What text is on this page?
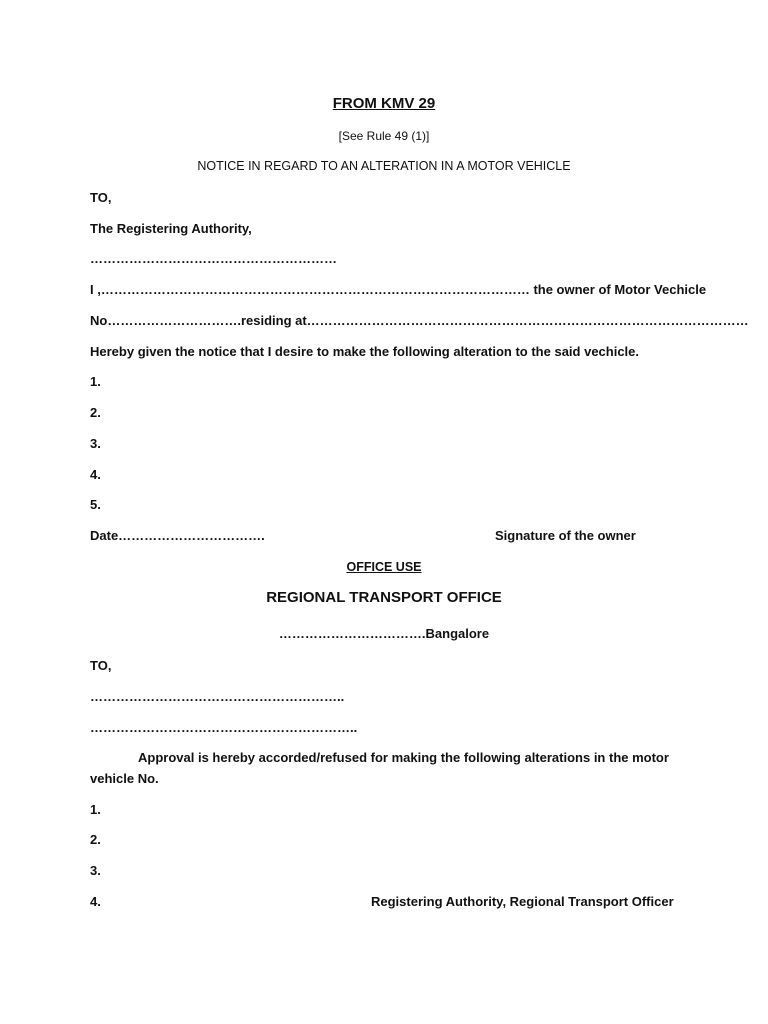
FROM KMV 29
[See Rule 49 (1)]
NOTICE IN REGARD TO AN ALTERATION IN A MOTOR VEHICLE
TO,
The Registering Authority,
…………………………………………………
I ,……………………………………………………………………………………… the owner of Motor Vechicle
No………………………….residing at…………………………………………………………………………………………
Hereby given the notice that I desire to make the following alteration to the said vechicle.
1.
2.
3.
4.
5.
Date…………………………….	Signature of the owner
OFFICE USE
REGIONAL TRANSPORT OFFICE
…………………………….Bangalore
TO,
…………………………………………………..
……………………………………………………..
Approval is hereby accorded/refused for making the following alterations in the motor vehicle No.
1.
2.
3.
4.	Registering Authority, Regional Transport Officer
